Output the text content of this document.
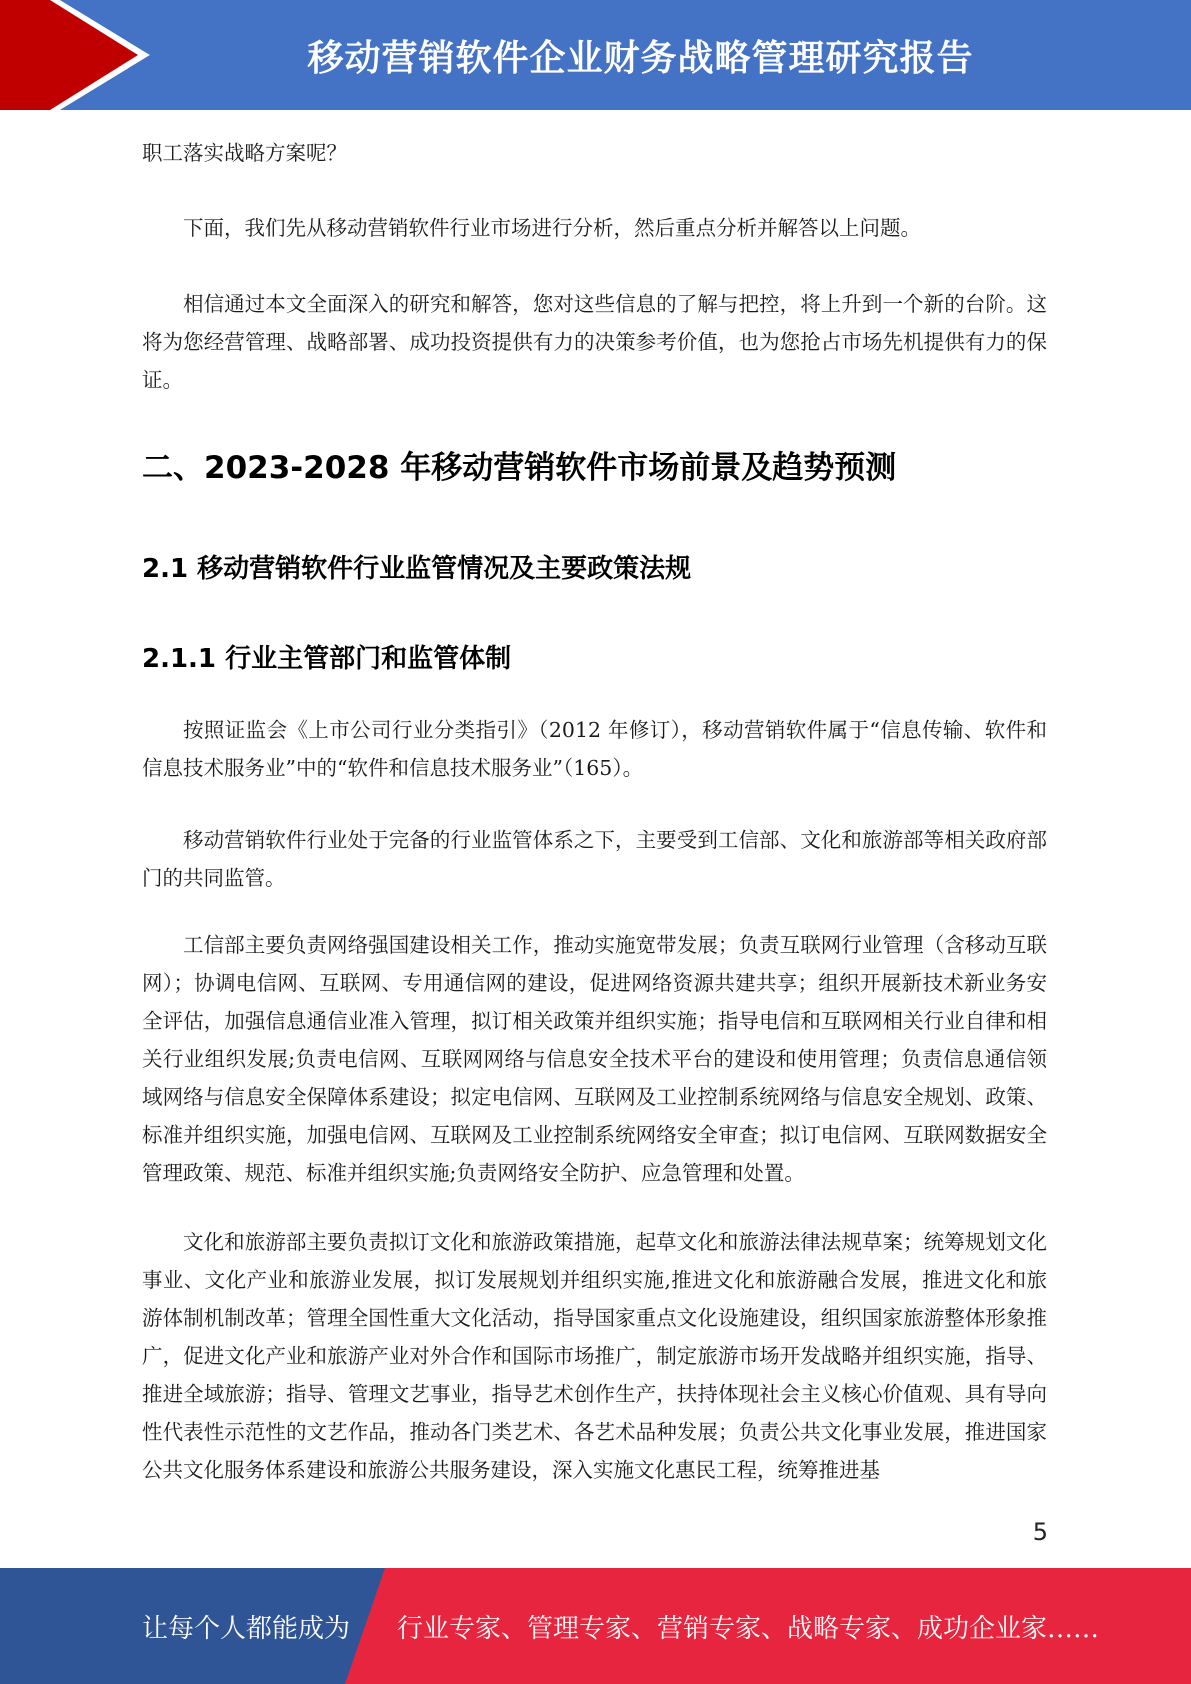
移动营销软件企业财务战略管理研究报告

职工落实战略方案呢？

下面，我们先从移动营销软件行业市场进行分析，然后重点分析并解答以上问题。

相信通过本文全面深入的研究和解答，您对这些信息的了解与把控，将上升到一个新的台阶。这将为您经营管理、战略部署、成功投资提供有力的决策参考价值，也为您抢占市场先机提供有力的保证。

二、2023-2028 年移动营销软件市场前景及趋势预测
2.1 移动营销软件行业监管情况及主要政策法规
2.1.1 行业主管部门和监管体制

按照证监会《上市公司行业分类指引》（2012 年修订），移动营销软件属于“信息传输、软件和信息技术服务业”中的“软件和信息技术服务业”（165）。

移动营销软件行业处于完备的行业监管体系之下，主要受到工信部、文化和旅游部等相关政府部门的共同监管。

工信部主要负责网络强国建设相关工作，推动实施宽带发展；负责互联网行业管理（含移动互联网）；协调电信网、互联网、专用通信网的建设，促进网络资源共建共享；组织开展新技术新业务安全评估，加强信息通信业准入管理，拟订相关政策并组织实施；指导电信和互联网相关行业自律和相关行业组织发展;负责电信网、互联网网络与信息安全技术平台的建设和使用管理；负责信息通信领域网络与信息安全保障体系建设；拟定电信网、互联网及工业控制系统网络与信息安全规划、政策、标准并组织实施，加强电信网、互联网及工业控制系统网络安全审查；拟订电信网、互联网数据安全管理政策、规范、标准并组织实施;负责网络安全防护、应急管理和处置。

文化和旅游部主要负责拟订文化和旅游政策措施，起草文化和旅游法律法规草案；统筹规划文化事业、文化产业和旅游业发展，拟订发展规划并组织实施,推进文化和旅游融合发展，推进文化和旅游体制机制改革；管理全国性重大文化活动，指导国家重点文化设施建设，组织国家旅游整体形象推广，促进文化产业和旅游产业对外合作和国际市场推广，制定旅游市场开发战略并组织实施，指导、推进全域旅游；指导、管理文艺事业，指导艺术创作生产，扶持体现社会主义核心价值观、具有导向性代表性示范性的文艺作品，推动各门类艺术、各艺术品种发展；负责公共文化事业发展，推进国家公共文化服务体系建设和旅游公共服务建设，深入实施文化惠民工程，统筹推进基

5
让每个人都能成为 行业专家、管理专家、营销专家、战略专家、成功企业家……
